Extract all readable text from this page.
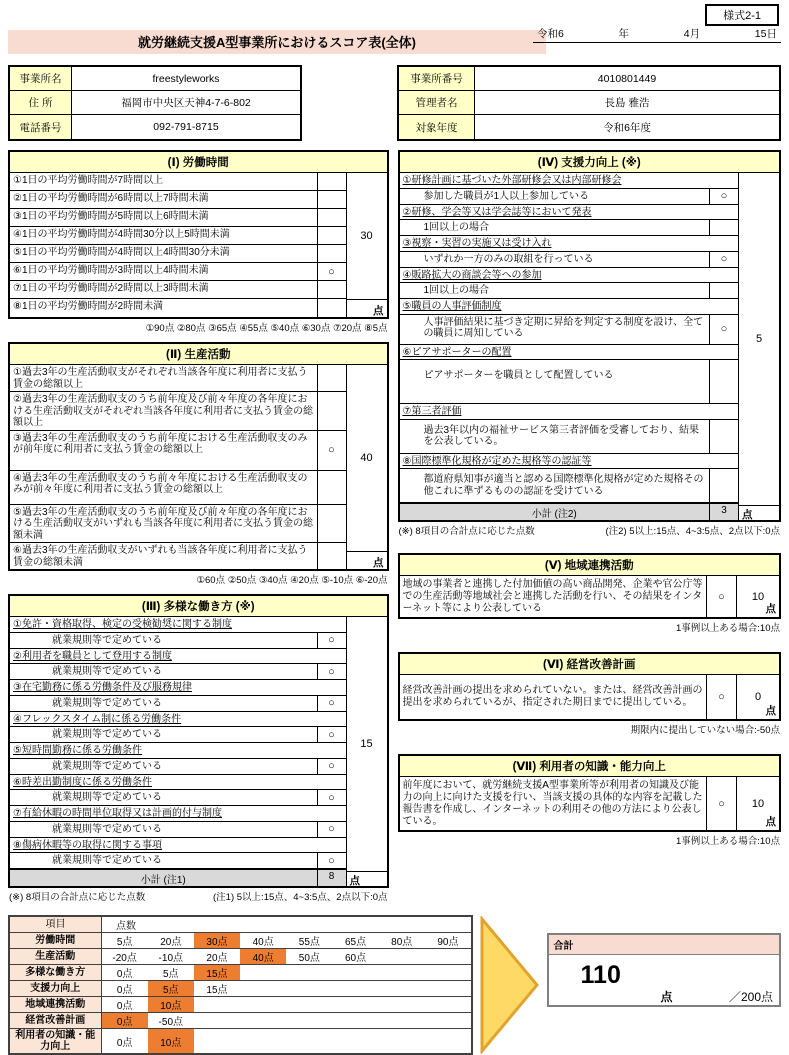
様式2-1
令和6	年	4月	15日
就労継続支援A型事業所におけるスコア表(全体)
事業所名	freestyleworks
住 所	福岡市中央区天神4-7-6-802
電話番号	092-791-8715
事業所番号	4010801449
管理者名	長島 雅浩
対象年度	令和6年度
(Ⅰ) 労働時間
①1日の平均労働時間が7時間以上
②1日の平均労働時間が6時間以上7時間未満
③1日の平均労働時間が5時間以上6時間未満
④1日の平均労働時間が4時間30分以上5時間未満
⑤1日の平均労働時間が4時間以上4時間30分未満
⑥1日の平均労働時間が3時間以上4時間未満	○
⑦1日の平均労働時間が2時間以上3時間未満
⑧1日の平均労働時間が2時間未満
30
点
①90点 ②80点 ③65点 ④55点 ⑤40点 ⑥30点 ⑦20点 ⑧5点
(Ⅱ) 生産活動
①過去3年の生産活動収支がそれぞれ当該各年度に利用者に支払う賃金の総額以上
②過去3年の生産活動収支のうち前年度及び前々年度の各年度における生産活動収支がそれぞれ当該各年度に利用者に支払う賃金の総額以上
③過去3年の生産活動収支のうち前年度における生産活動収支のみが前年度に利用者に支払う賃金の総額以上	○
④過去3年の生産活動収支のうち前々年度における生産活動収支のみが前々年度に利用者に支払う賃金の総額以上
⑤過去3年の生産活動収支のうち前年度及び前々年度の各年度における生産活動収支がいずれも当該各年度に利用者に支払う賃金の総額未満
⑥過去3年の生産活動収支がいずれも当該各年度に利用者に支払う賃金の総額未満
40
点
①60点 ②50点 ③40点 ④20点 ⑤-10点 ⑥-20点
(Ⅲ) 多様な働き方 (※)
①免許・資格取得、検定の受検勧奨に関する制度
就業規則等で定めている	○
②利用者を職員として登用する制度
就業規則等で定めている	○
③在宅勤務に係る労働条件及び服務規律
就業規則等で定めている	○
④フレックスタイム制に係る労働条件
就業規則等で定めている	○
⑤短時間勤務に係る労働条件
就業規則等で定めている	○
⑥時差出勤制度に係る労働条件
就業規則等で定めている	○
⑦有給休暇の時間単位取得又は計画的付与制度
就業規則等で定めている	○
⑧傷病休暇等の取得に関する事項
就業規則等で定めている	○
小計 (注1)	8
15
点
(※) 8項目の合計点に応じた点数	(注1) 5以上:15点、4~3:5点、2点以下:0点
(Ⅳ) 支援力向上 (※)
①研修計画に基づいた外部研修会又は内部研修会
参加した職員が1人以上参加している	○
②研修、学会等又は学会誌等において発表
1回以上の場合
③視察・実習の実施又は受け入れ
いずれか一方のみの取組を行っている	○
④販路拡大の商談会等への参加
1回以上の場合
⑤職員の人事評価制度
人事評価結果に基づき定期に昇給を判定する制度を設け、全ての職員に周知している	○
⑥ピアサポーターの配置
ピアサポーターを職員として配置している
⑦第三者評価
過去3年以内の福祉サービス第三者評価を受審しており、結果を公表している。
⑧国際標準化規格が定めた規格等の認証等
都道府県知事が適当と認める国際標準化規格が定めた規格その他これに準ずるものの認証を受けている
小計 (注2)	3
5
点
(※) 8項目の合計点に応じた点数	(注2) 5以上:15点、4~3:5点、2点以下:0点
(Ⅴ) 地域連携活動
地域の事業者と連携した付加価値の高い商品開発、企業や官公庁等での生産活動等地域社会と連携した活動を行い、その結果をインターネット等により公表している
○	10
点
1事例以上ある場合:10点
(Ⅵ) 経営改善計画
経営改善計画の提出を求められていない。または、経営改善計画の提出を求められているが、指定された期日までに提出している。	○	0
点
期限内に提出していない場合:-50点
(Ⅶ) 利用者の知識・能力向上
前年度において、就労継続支援A型事業所等が利用者の知識及び能力の向上に向けた支援を行い、当該支援の具体的な内容を記載した報告書を作成し、インターネットの利用その他の方法により公表している。
○	10
点
1事例以上ある場合:10点
項目	点数
労働時間	5点	20点	30点	40点	55点	65点	80点	90点
生産活動	-20点	-10点	20点	40点	50点	60点
多様な働き方	0点	5点	15点
支援力向上	0点	5点	15点
地域連携活動	0点	10点
経営改善計画	0点	-50点
利用者の知識・能力向上	0点	10点
合計
110
点	／200点
